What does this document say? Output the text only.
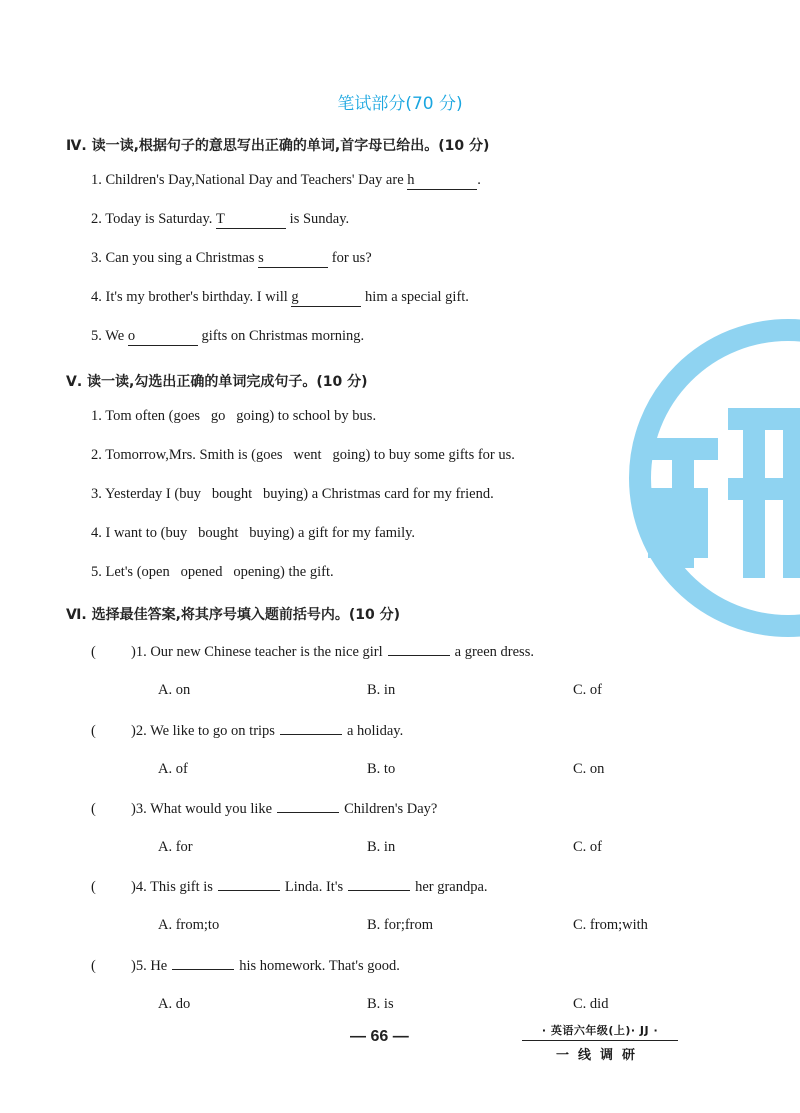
笔试部分(70 分)
Ⅳ. 读一读,根据句子的意思写出正确的单词,首字母已给出。(10 分)
1. Children's Day,National Day and Teachers' Day are h	.
2. Today is Saturday. T	is Sunday.
3. Can you sing a Christmas s	for us?
4. It's my brother's birthday. I will g	him a special gift.
5. We o	gifts on Christmas morning.
Ⅴ. 读一读,勾选出正确的单词完成句子。(10 分)
1. Tom often (goes   go   going) to school by bus.
2. Tomorrow,Mrs. Smith is (goes   went   going) to buy some gifts for us.
3. Yesterday I (buy   bought   buying) a Christmas card for my friend.
4. I want to (buy   bought   buying) a gift for my family.
5. Let's (open   opened   opening) the gift.
Ⅵ. 选择最佳答案,将其序号填入题前括号内。(10 分)
( )1. Our new Chinese teacher is the nice girl	a green dress.
A. on	B. in	C. of
( )2. We like to go on trips	a holiday.
A. of	B. to	C. on
( )3. What would you like	Children's Day?
A. for	B. in	C. of
( )4. This gift is	Linda. It's	her grandpa.
A. from;to	B. for;from	C. from;with
( )5. He	his homework. That's good.
A. do	B. is	C. did
— 66 —	· 英语六年级(上)· JJ ·
一线调研
